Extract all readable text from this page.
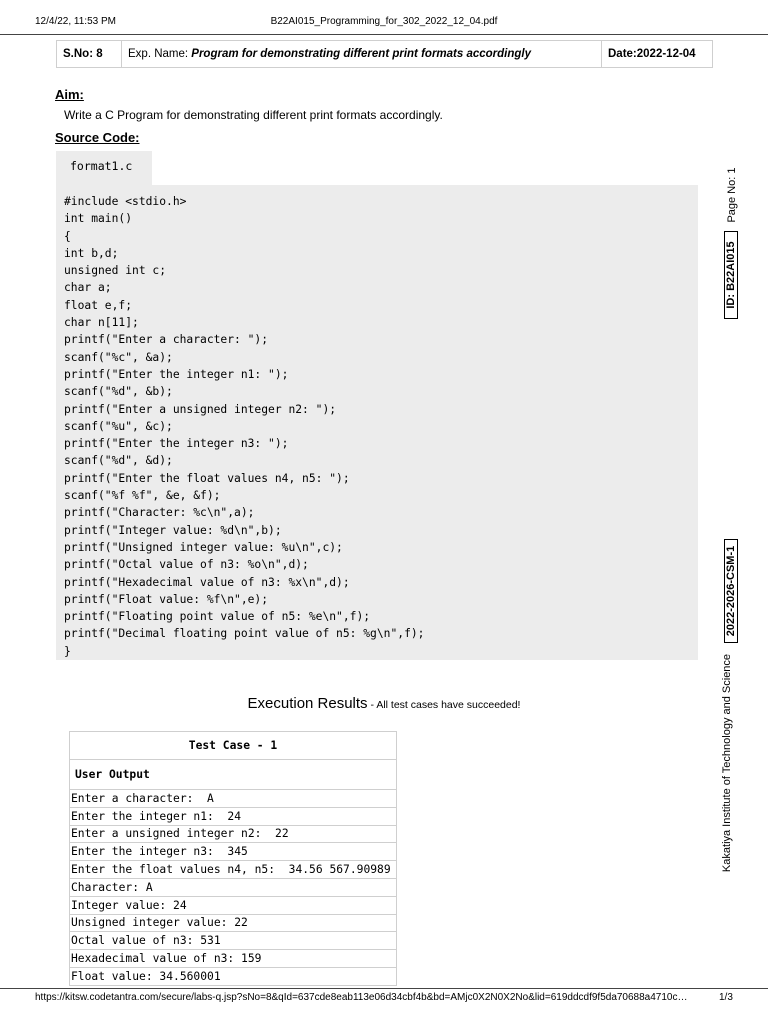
12/4/22, 11:53 PM	B22AI015_Programming_for_302_2022_12_04.pdf
S.No: 8	Exp. Name: Program for demonstrating different print formats accordingly	Date:2022-12-04
Aim:
Write a C Program for demonstrating different print formats accordingly.
Source Code:
format1.c
#include <stdio.h>
int main()
{
int b,d;
unsigned int c;
char a;
float e,f;
char n[11];
printf("Enter a character: ");
scanf("%c", &a);
printf("Enter the integer n1: ");
scanf("%d", &b);
printf("Enter a unsigned integer n2: ");
scanf("%u", &c);
printf("Enter the integer n3: ");
scanf("%d", &d);
printf("Enter the float values n4, n5: ");
scanf("%f %f", &e, &f);
printf("Character: %c\n",a);
printf("Integer value: %d\n",b);
printf("Unsigned integer value: %u\n",c);
printf("Octal value of n3: %o\n",d);
printf("Hexadecimal value of n3: %x\n",d);
printf("Float value: %f\n",e);
printf("Floating point value of n5: %e\n",f);
printf("Decimal floating point value of n5: %g\n",f);
}
Execution Results - All test cases have succeeded!
Test Case - 1
User Output
Enter a character:  A
Enter the integer n1:  24
Enter a unsigned integer n2:  22
Enter the integer n3:  345
Enter the float values n4, n5:  34.56 567.90989
Character: A
Integer value: 24
Unsigned integer value: 22
Octal value of n3: 531
Hexadecimal value of n3: 159
Float value: 34.560001
Page No: 1
ID: B22AI015
2022-2026-CSM-1
Kakatiya Institute of Technology and Science
https://kitsw.codetantra.com/secure/labs-q.jsp?sNo=8&qId=637cde8eab113e06d34cbf4b&bd=AMjc0X2N0X2No&lid=619ddcdf9f5da70688a4710c…	1/3
